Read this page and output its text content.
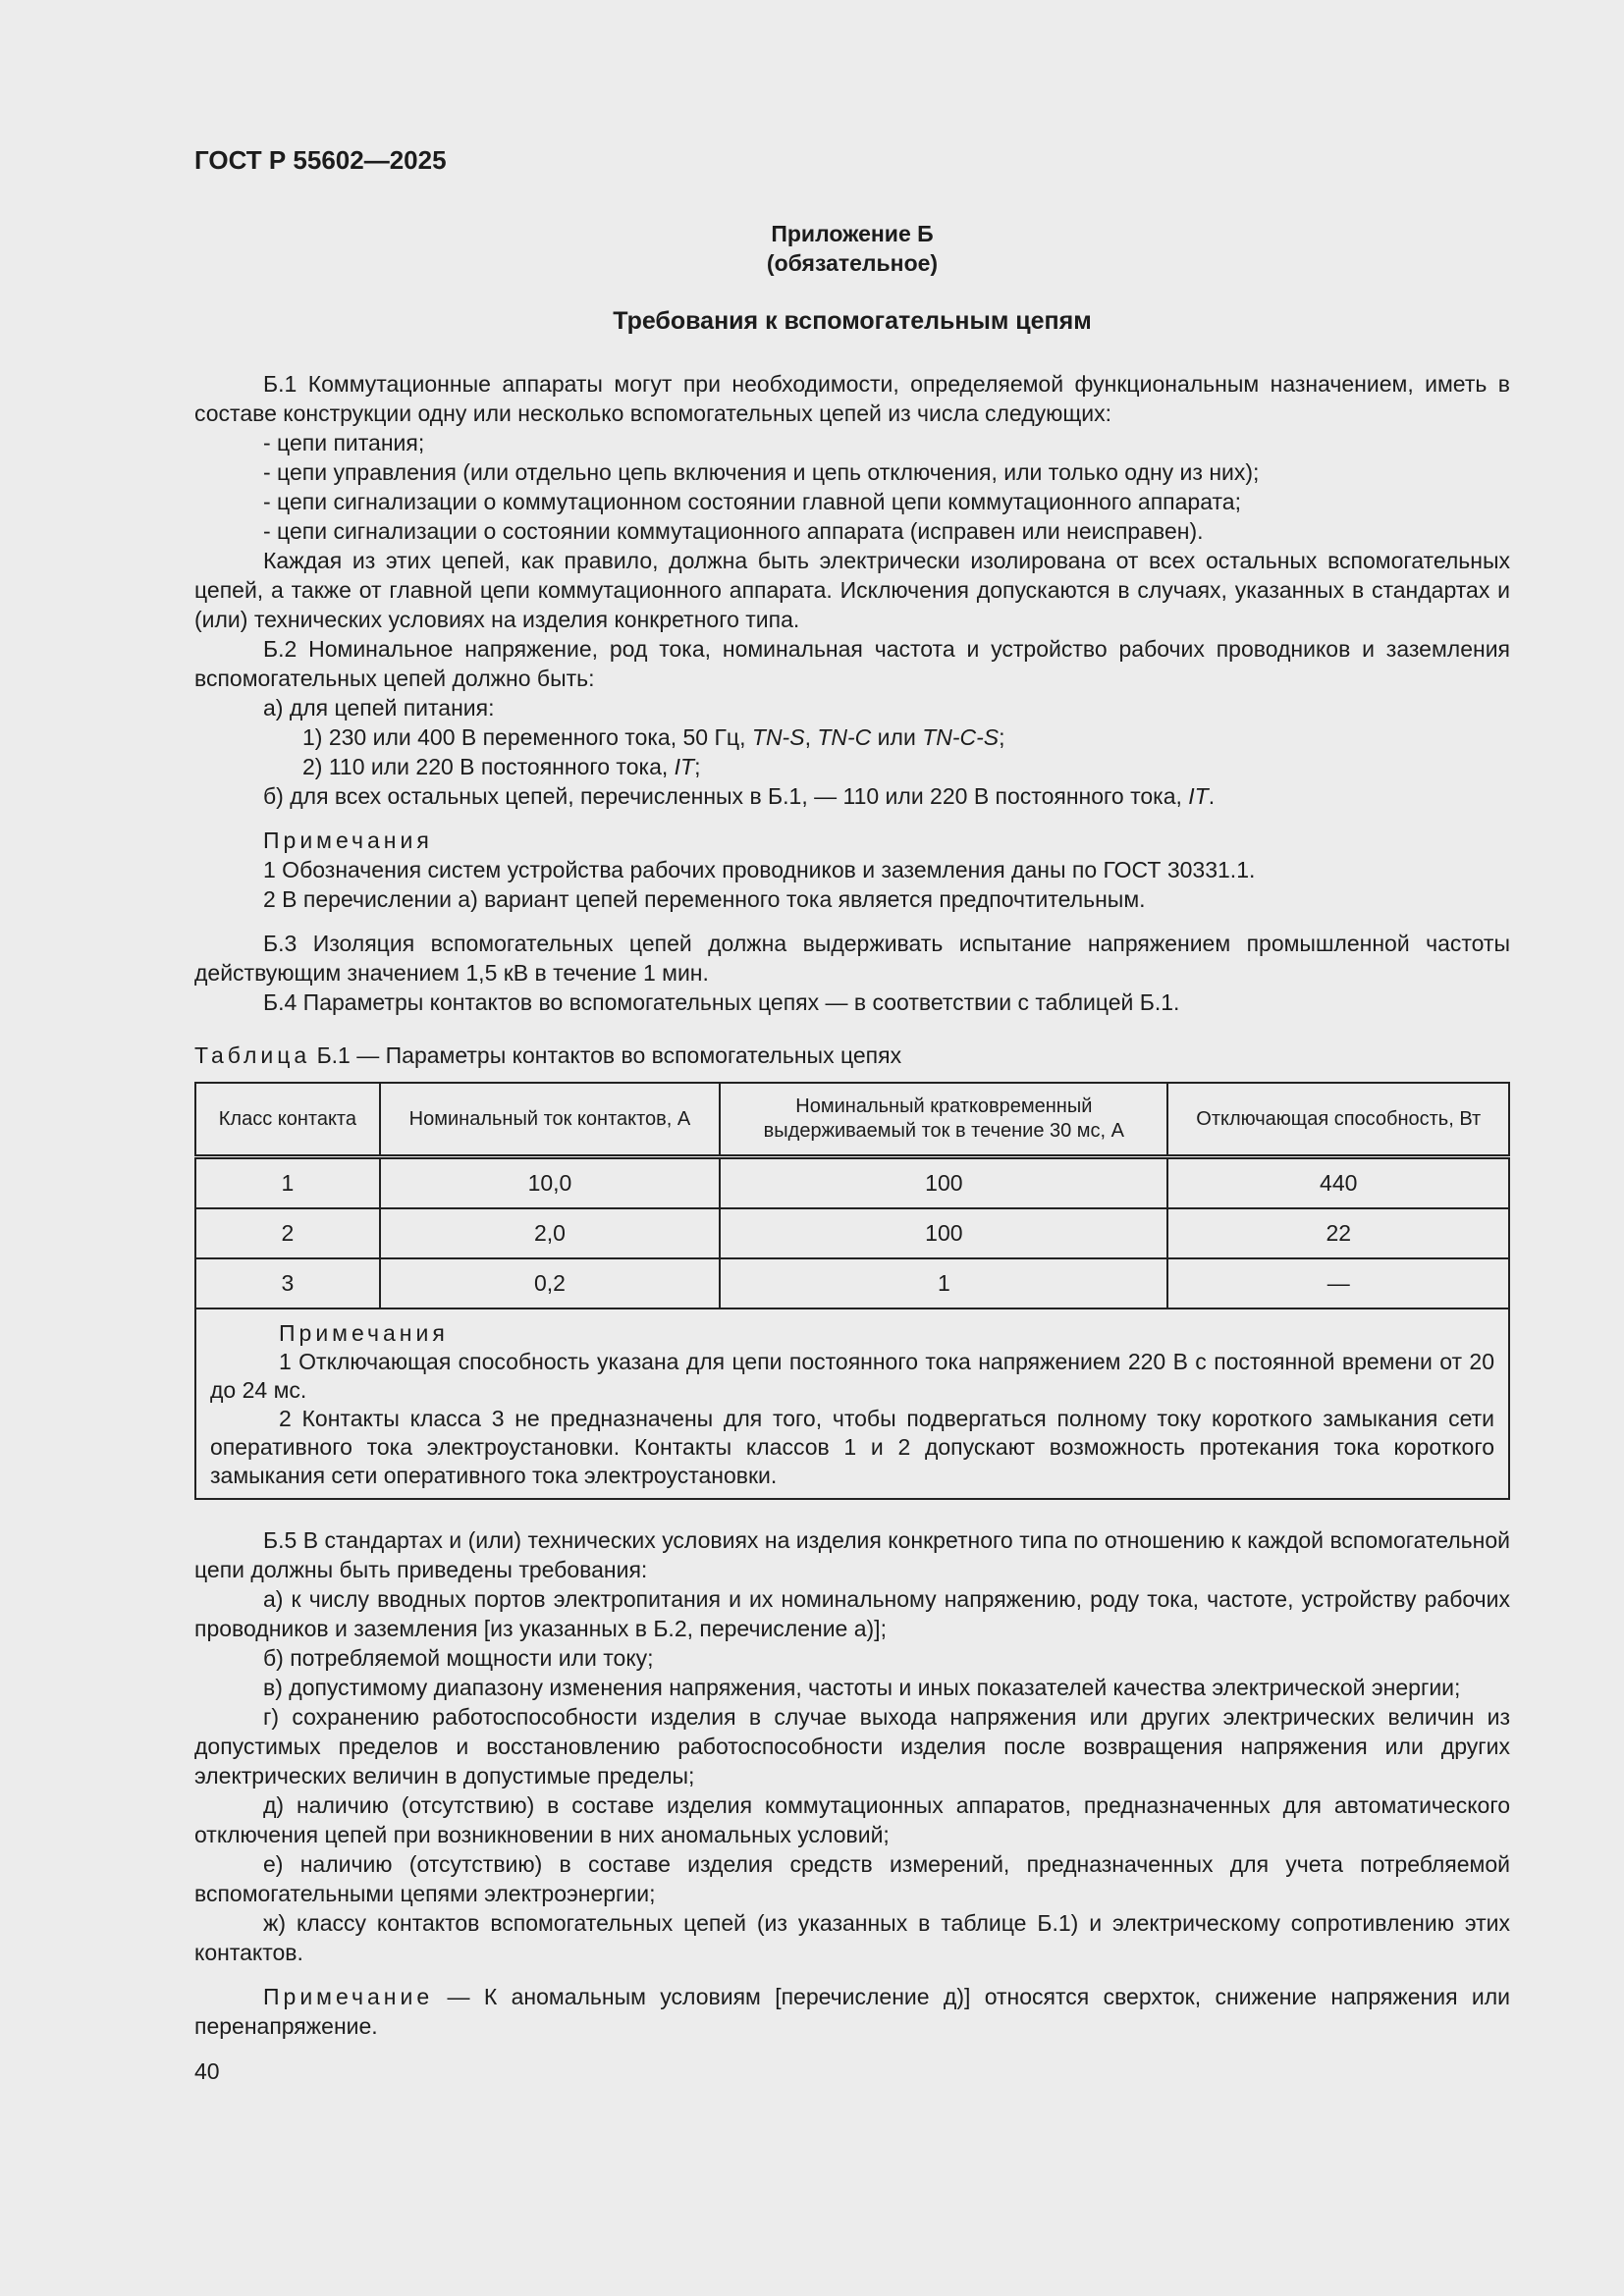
ГОСТ Р 55602—2025
Приложение Б
(обязательное)
Требования к вспомогательным цепям

Б.1 Коммутационные аппараты могут при необходимости, определяемой функциональным назначением, иметь в составе конструкции одну или несколько вспомогательных цепей из числа следующих:

- цепи питания;

- цепи управления (или отдельно цепь включения и цепь отключения, или только одну из них);

- цепи сигнализации о коммутационном состоянии главной цепи коммутационного аппарата;

- цепи сигнализации о состоянии коммутационного аппарата (исправен или неисправен).

Каждая из этих цепей, как правило, должна быть электрически изолирована от всех остальных вспомогательных цепей, а также от главной цепи коммутационного аппарата. Исключения допускаются в случаях, указанных в стандартах и (или) технических условиях на изделия конкретного типа.

Б.2 Номинальное напряжение, род тока, номинальная частота и устройство рабочих проводников и заземления вспомогательных цепей должно быть:

а) для цепей питания:

1) 230 или 400 В переменного тока, 50 Гц, TN-S, TN-C или TN-C-S;

2) 110 или 220 В постоянного тока, IT;

б) для всех остальных цепей, перечисленных в Б.1, — 110 или 220 В постоянного тока, IT.

Примечания

1 Обозначения систем устройства рабочих проводников и заземления даны по ГОСТ 30331.1.

2 В перечислении а) вариант цепей переменного тока является предпочтительным.

Б.3 Изоляция вспомогательных цепей должна выдерживать испытание напряжением промышленной частоты действующим значением 1,5 кВ в течение 1 мин.

Б.4 Параметры контактов во вспомогательных цепях — в соответствии с таблицей Б.1.

Таблица Б.1 — Параметры контактов во вспомогательных цепях
Класс контакта	Номинальный ток контактов, А	Номинальный кратковременный выдерживаемый ток в течение 30 мс, А	Отключающая способность, Вт
1	10,0	100	440
2	2,0	100	22
3	0,2	1	—

Примечания

1 Отключающая способность указана для цепи постоянного тока напряжением 220 В с постоянной времени от 20 до 24 мс.

2 Контакты класса 3 не предназначены для того, чтобы подвергаться полному току короткого замыкания сети оперативного тока электроустановки. Контакты классов 1 и 2 допускают возможность протекания тока короткого замыкания сети оперативного тока электроустановки.			

Б.5 В стандартах и (или) технических условиях на изделия конкретного типа по отношению к каждой вспомогательной цепи должны быть приведены требования:

а) к числу вводных портов электропитания и их номинальному напряжению, роду тока, частоте, устройству рабочих проводников и заземления [из указанных в Б.2, перечисление а)];

б) потребляемой мощности или току;

в) допустимому диапазону изменения напряжения, частоты и иных показателей качества электрической энергии;

г) сохранению работоспособности изделия в случае выхода напряжения или других электрических величин из допустимых пределов и восстановлению работоспособности изделия после возвращения напряжения или других электрических величин в допустимые пределы;

д) наличию (отсутствию) в составе изделия коммутационных аппаратов, предназначенных для автоматического отключения цепей при возникновении в них аномальных условий;

е) наличию (отсутствию) в составе изделия средств измерений, предназначенных для учета потребляемой вспомогательными цепями электроэнергии;

ж) классу контактов вспомогательных цепей (из указанных в таблице Б.1) и электрическому сопротивлению этих контактов.

Примечание — К аномальным условиям [перечисление д)] относятся сверхток, снижение напряжения или перенапряжение.

40
